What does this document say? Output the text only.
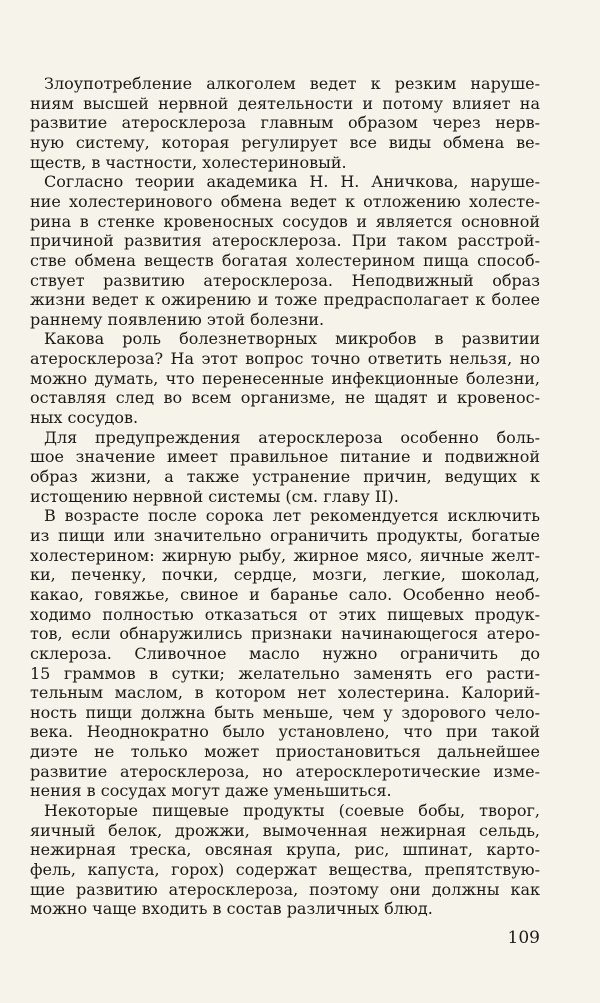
Злоупотребление алкоголем ведет к резким наруше-
ниям высшей нервной деятельности и потому влияет на
развитие атеросклероза главным образом через нерв-
ную систему, которая регулирует все виды обмена ве-
ществ, в частности, холестериновый.
Согласно теории академика Н. Н. Аничкова, наруше-
ние холестеринового обмена ведет к отложению холесте-
рина в стенке кровеносных сосудов и является основной
причиной развития атеросклероза. При таком расстрой-
стве обмена веществ богатая холестерином пища способ-
ствует развитию атеросклероза. Неподвижный образ
жизни ведет к ожирению и тоже предрасполагает к более
раннему появлению этой болезни.
Какова роль болезнетворных микробов в развитии
атеросклероза? На этот вопрос точно ответить нельзя, но
можно думать, что перенесенные инфекционные болезни,
оставляя след во всем организме, не щадят и кровенос-
ных сосудов.
Для предупреждения атеросклероза особенно боль-
шое значение имеет правильное питание и подвижной
образ жизни, а также устранение причин, ведущих к
истощению нервной системы (см. главу II).
В возрасте после сорока лет рекомендуется исключить
из пищи или значительно ограничить продукты, богатые
холестерином: жирную рыбу, жирное мясо, яичные желт-
ки, печенку, почки, сердце, мозги, легкие, шоколад,
какао, говяжье, свиное и баранье сало. Особенно необ-
ходимо полностью отказаться от этих пищевых продук-
тов, если обнаружились признаки начинающегося атеро-
склероза. Сливочное масло нужно ограничить до
15 граммов в сутки; желательно заменять его расти-
тельным маслом, в котором нет холестерина. Калорий-
ность пищи должна быть меньше, чем у здорового чело-
века. Неоднократно было установлено, что при такой
диэте не только может приостановиться дальнейшее
развитие атеросклероза, но атеросклеротические изме-
нения в сосудах могут даже уменьшиться.
Некоторые пищевые продукты (соевые бобы, творог,
яичный белок, дрожжи, вымоченная нежирная сельдь,
нежирная треска, овсяная крупа, рис, шпинат, карто-
фель, капуста, горох) содержат вещества, препятствую-
щие развитию атеросклероза, поэтому они должны как
можно чаще входить в состав различных блюд.
109
